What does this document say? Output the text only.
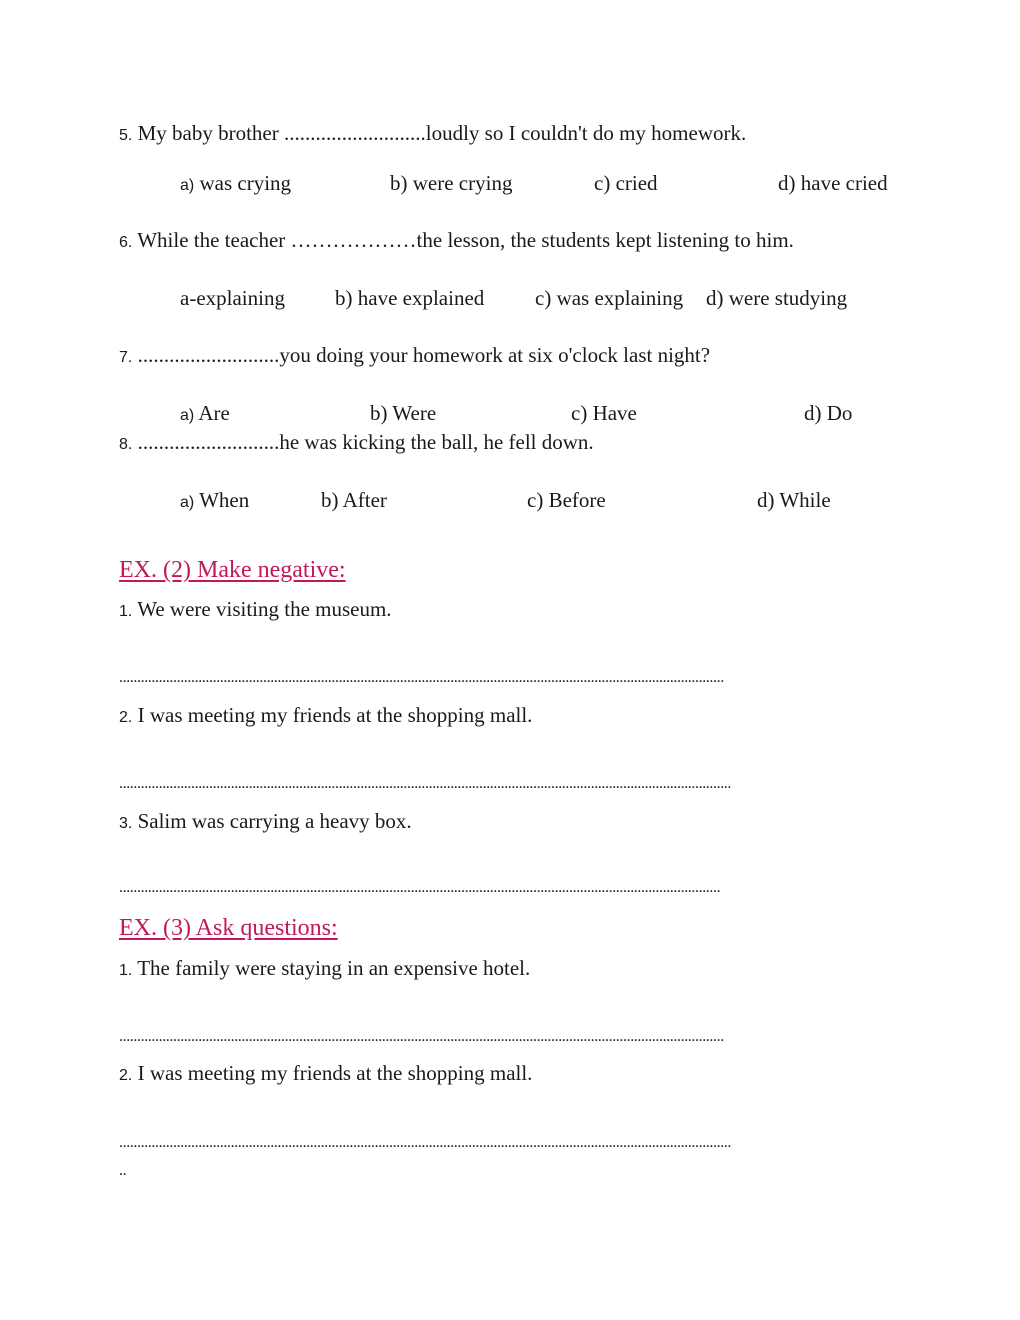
5. My baby brother ...........................loudly so I couldn't do my homework.
a) was crying	b) were crying	c) cried	d) have cried
6. While the teacher ………………the lesson, the students kept listening to him.
a-explaining b) have explained c) was explaining d) were studying
7. ...........................you doing your homework at six o'clock last night?
a) Are	b) Were	c) Have	d) Do
8. ...........................he was kicking the ball, he fell down.
a) When	b) After	c) Before	d) While
EX. (2) Make negative:
1. We were visiting the museum.
........................................................................................................................................................................
2. I was meeting my friends at the shopping mall.
..........................................................................................................................................................................
3. Salim was carrying a heavy box.
.......................................................................................................................................................................
EX. (3) Ask questions:
1. The family were staying in an expensive hotel.
........................................................................................................................................................................
2. I was meeting my friends at the shopping mall.
..........................................................................................................................................................................
..
